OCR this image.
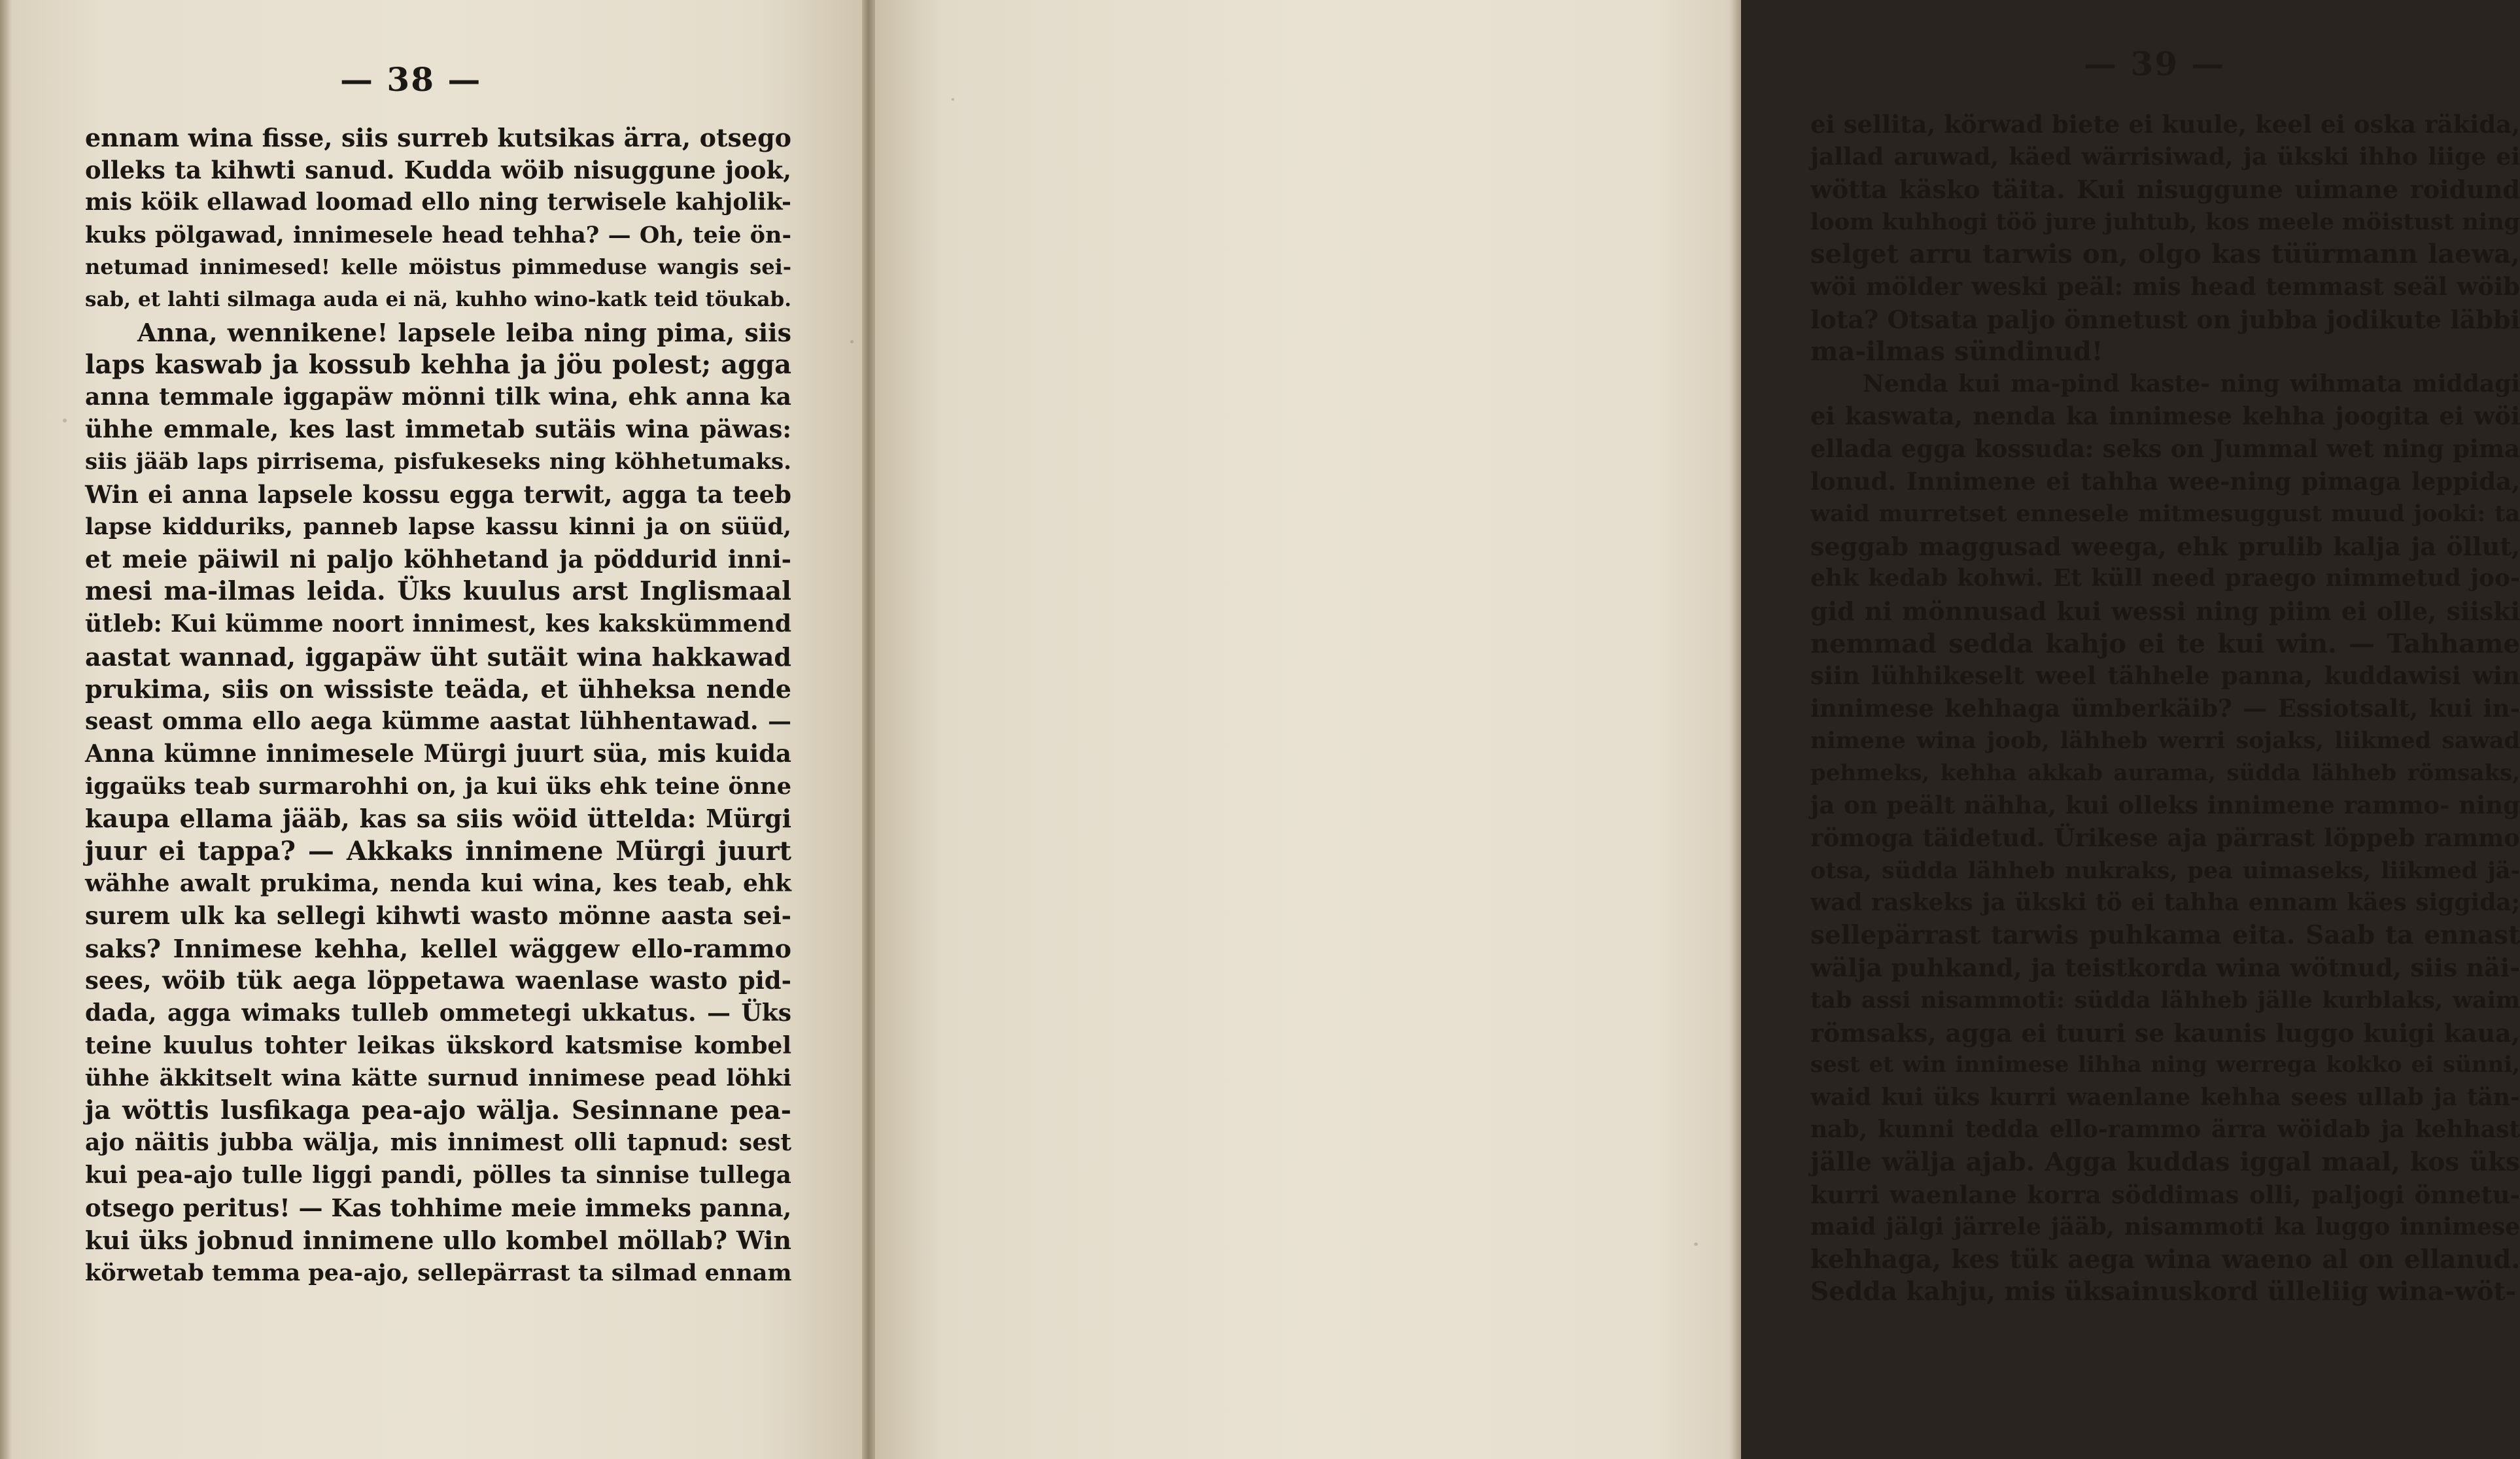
— 38 —
ennam wina fisse, siis surreb kutsikas ärra, otsego
olleks ta kihwti sanud. Kudda wöib nisuggune jook,
mis köik ellawad loomad ello ning terwisele kahjolik-
kuks pölgawad, innimesele head tehha? — Oh, teie ön-
netumad innimesed! kelle möistus pimmeduse wangis sei-
sab, et lahti silmaga auda ei nä, kuhho wino-katk teid töukab.
Anna, wennikene! lapsele leiba ning pima, siis
laps kaswab ja kossub kehha ja jöu polest; agga
anna temmale iggapäw mönni tilk wina, ehk anna ka
ühhe emmale, kes last immetab sutäis wina päwas:
siis jääb laps pirrisema, pisfukeseks ning köhhetumaks.
Win ei anna lapsele kossu egga terwit, agga ta teeb
lapse kidduriks, panneb lapse kassu kinni ja on süüd,
et meie päiwil ni paljo köhhetand ja pöddurid inni-
mesi ma-ilmas leida. Üks kuulus arst Inglismaal
ütleb: Kui kümme noort innimest, kes kakskümmend
aastat wannad, iggapäw üht sutäit wina hakkawad
prukima, siis on wissiste teäda, et ühheksa nende
seast omma ello aega kümme aastat lühhentawad. —
Anna kümne innimesele Mürgi juurt süa, mis kuida
iggaüks teab surmarohhi on, ja kui üks ehk teine önne
kaupa ellama jääb, kas sa siis wöid üttelda: Mürgi
juur ei tappa? — Akkaks innimene Mürgi juurt
wähhe awalt prukima, nenda kui wina, kes teab, ehk
surem ulk ka sellegi kihwti wasto mönne aasta sei-
saks? Innimese kehha, kellel wäggew ello-rammo
sees, wöib tük aega löppetawa waenlase wasto pid-
dada, agga wimaks tulleb ommetegi ukkatus. — Üks
teine kuulus tohter leikas ükskord katsmise kombel
ühhe äkkitselt wina kätte surnud innimese pead löhki
ja wöttis lusfikaga pea-ajo wälja. Sesinnane pea-
ajo näitis jubba wälja, mis innimest olli tapnud: sest
kui pea-ajo tulle liggi pandi, pölles ta sinnise tullega
otsego peritus! — Kas tohhime meie immeks panna,
kui üks jobnud innimene ullo kombel möllab? Win
körwetab temma pea-ajo, sellepärrast ta silmad ennam
— 39 —
ei sellita, körwad biete ei kuule, keel ei oska räkida,
jallad aruwad, käed wärrisiwad, ja ükski ihho liige ei
wötta käsko täita. Kui nisuggune uimane roidund
loom kuhhogi töö jure juhtub, kos meele möistust ning
selget arru tarwis on, olgo kas tüürmann laewa,
wöi mölder weski peäl: mis head temmast seäl wöib
lota? Otsata paljo önnetust on jubba jodikute läbbi
ma-ilmas sündinud!
Nenda kui ma-pind kaste- ning wihmata middagi
ei kaswata, nenda ka innimese kehha joogita ei wöi
ellada egga kossuda: seks on Jummal wet ning pima
lonud. Innimene ei tahha wee-ning pimaga leppida,
waid murretset ennesele mitmesuggust muud jooki: ta
seggab maggusad weega, ehk prulib kalja ja öllut,
ehk kedab kohwi. Et küll need praego nimmetud joo-
gid ni mönnusad kui wessi ning piim ei olle, siiski
nemmad sedda kahjo ei te kui win. — Tahhame
siin lühhikeselt weel tähhele panna, kuddawisi win
innimese kehhaga ümberkäib? — Essiotsalt, kui in-
nimene wina joob, lähheb werri sojaks, liikmed sawad
pehmeks, kehha akkab aurama, südda lähheb römsaks,
ja on peält nähha, kui olleks innimene rammo- ning
römoga täidetud. Ürikese aja pärrast löppeb rammo
otsa, südda lähheb nukraks, pea uimaseks, liikmed jä-
wad raskeks ja ükski tö ei tahha ennam käes siggida;
sellepärrast tarwis puhkama eita. Saab ta ennast
wälja puhkand, ja teistkorda wina wötnud, siis näi-
tab assi nisammoti: südda lähheb jälle kurblaks, waim
römsaks, agga ei tuuri se kaunis luggo kuigi kaua,
sest et win innimese lihha ning werrega kokko ei sünni,
waid kui üks kurri waenlane kehha sees ullab ja tän-
nab, kunni tedda ello-rammo ärra wöidab ja kehhast
jälle wälja ajab. Agga kuddas iggal maal, kos üks
kurri waenlane korra söddimas olli, paljogi önnetu-
maid jälgi järrele jääb, nisammoti ka luggo innimese
kehhaga, kes tük aega wina waeno al on ellanud.
Sedda kahju, mis üksainuskord ülleliig wina-wöt-
